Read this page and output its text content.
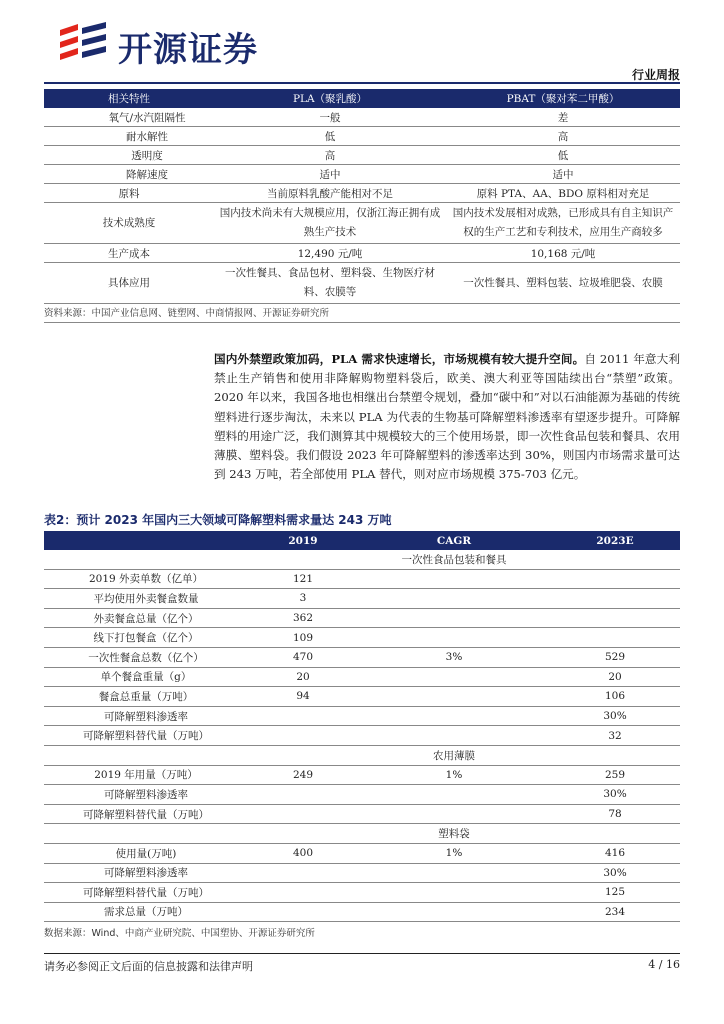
开源证券
行业周报
相关特性	PLA（聚乳酸）	PBAT（聚对苯二甲酸）
氧气/水汽阻隔性	一般	差
耐水解性	低	高
透明度	高	低
降解速度	适中	适中
原料	当前原料乳酸产能相对不足	原料 PTA、AA、BDO 原料相对充足
技术成熟度	国内技术尚未有大规模应用，仅浙江海正拥有成熟生产技术	国内技术发展相对成熟，已形成具有自主知识产权的生产工艺和专利技术，应用生产商较多
生产成本	12,490 元/吨	10,168 元/吨
具体应用	一次性餐具、食品包材、塑料袋、生物医疗材料、农膜等	一次性餐具、塑料包装、垃圾堆肥袋、农膜
资料来源：中国产业信息网、链塑网、中商情报网、开源证券研究所
国内外禁塑政策加码，PLA 需求快速增长，市场规模有较大提升空间。自 2011 年意大利禁止生产销售和使用非降解购物塑料袋后，欧美、澳大利亚等国陆续出台“禁塑”政策。2020 年以来，我国各地也相继出台禁塑令规划，叠加“碳中和”对以石油能源为基础的传统塑料进行逐步淘汰，未来以 PLA 为代表的生物基可降解塑料渗透率有望逐步提升。可降解塑料的用途广泛，我们测算其中规模较大的三个使用场景，即一次性食品包装和餐具、农用薄膜、塑料袋。我们假设 2023 年可降解塑料的渗透率达到 30%，则国内市场需求量可达到 243 万吨，若全部使用 PLA 替代，则对应市场规模 375-703 亿元。
表2：预计 2023 年国内三大领域可降解塑料需求量达 243 万吨
	2019	CAGR	2023E
		一次性食品包装和餐具	
2019 外卖单数（亿单）	121		
平均使用外卖餐盒数量	3		
外卖餐盒总量（亿个）	362		
线下打包餐盒（亿个）	109		
一次性餐盒总数（亿个）	470	3%	529
单个餐盒重量（g）	20		20
餐盒总重量（万吨）	94		106
可降解塑料渗透率			30%
可降解塑料替代量（万吨）			32
		农用薄膜	
2019 年用量（万吨）	249	1%	259
可降解塑料渗透率			30%
可降解塑料替代量（万吨）			78
		塑料袋	
使用量(万吨)	400	1%	416
可降解塑料渗透率			30%
可降解塑料替代量（万吨）			125
需求总量（万吨）			234
数据来源：Wind、中商产业研究院、中国塑协、开源证券研究所
请务必参阅正文后面的信息披露和法律声明	4 / 16
